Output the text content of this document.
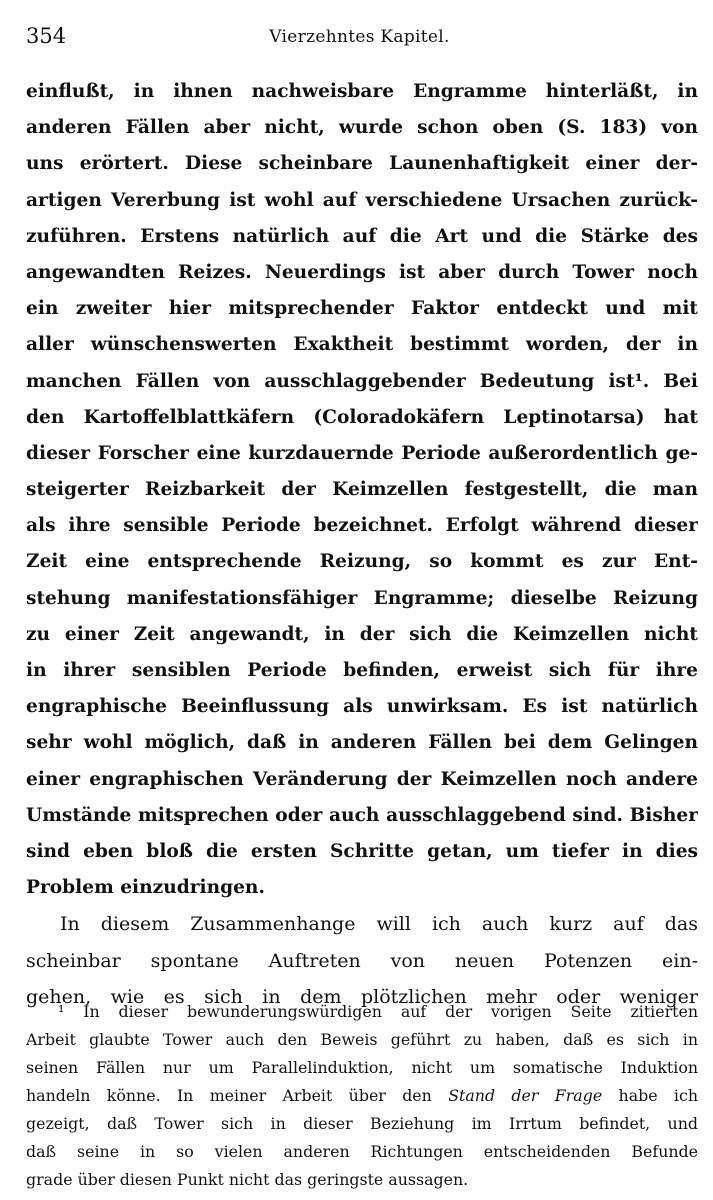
354	Vierzehntes Kapitel.
einflußt, in ihnen nachweisbare Engramme hinterläßt, in
anderen Fällen aber nicht, wurde schon oben (S. 183) von
uns erörtert. Diese scheinbare Launenhaftigkeit einer der-
artigen Vererbung ist wohl auf verschiedene Ursachen zurück-
zuführen. Erstens natürlich auf die Art und die Stärke des
angewandten Reizes. Neuerdings ist aber durch Tower noch
ein zweiter hier mitsprechender Faktor entdeckt und mit
aller wünschenswerten Exaktheit bestimmt worden, der in
manchen Fällen von ausschlaggebender Bedeutung ist¹. Bei
den Kartoffelblattkäfern (Coloradokäfern Leptinotarsa) hat
dieser Forscher eine kurzdauernde Periode außerordentlich ge-
steigerter Reizbarkeit der Keimzellen festgestellt, die man
als ihre sensible Periode bezeichnet. Erfolgt während dieser
Zeit eine entsprechende Reizung, so kommt es zur Ent-
stehung manifestationsfähiger Engramme; dieselbe Reizung
zu einer Zeit angewandt, in der sich die Keimzellen nicht
in ihrer sensiblen Periode befinden, erweist sich für ihre
engraphische Beeinflussung als unwirksam. Es ist natürlich
sehr wohl möglich, daß in anderen Fällen bei dem Gelingen
einer engraphischen Veränderung der Keimzellen noch andere
Umstände mitsprechen oder auch ausschlaggebend sind. Bisher
sind eben bloß die ersten Schritte getan, um tiefer in dies
Problem einzudringen.
In diesem Zusammenhange will ich auch kurz auf das
scheinbar spontane Auftreten von neuen Potenzen ein-
gehen, wie es sich in dem plötzlichen mehr oder weniger
¹ In dieser bewunderungswürdigen auf der vorigen Seite zitierten
Arbeit glaubte Tower auch den Beweis geführt zu haben, daß es sich in
seinen Fällen nur um Parallelinduktion, nicht um somatische Induktion
handeln könne. In meiner Arbeit über den Stand der Frage habe ich
gezeigt, daß Tower sich in dieser Beziehung im Irrtum befindet, und
daß seine in so vielen anderen Richtungen entscheidenden Befunde
grade über diesen Punkt nicht das geringste aussagen.
